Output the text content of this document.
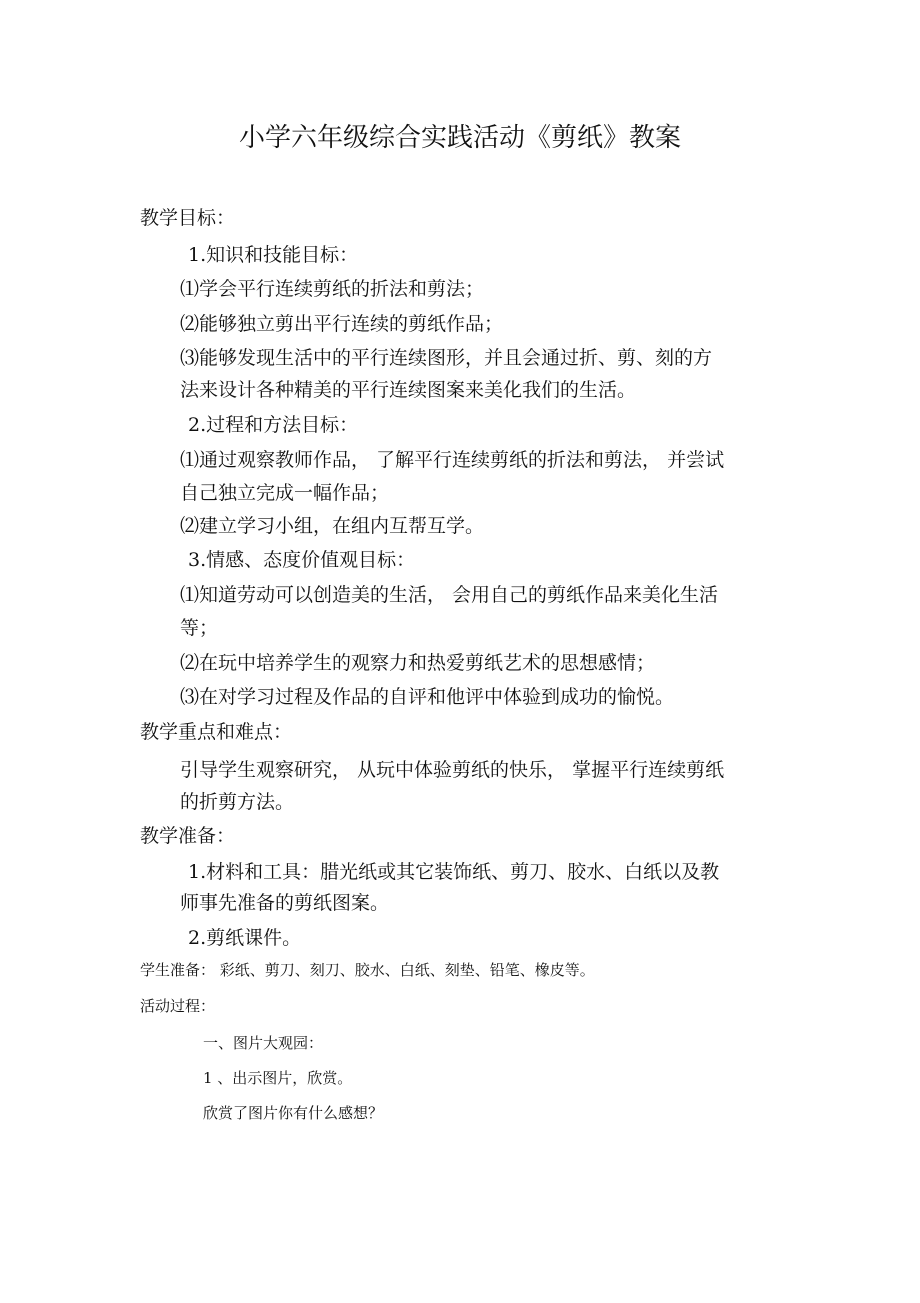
小学六年级综合实践活动《剪纸》教案
教学目标：
1.知识和技能目标：
⑴学会平行连续剪纸的折法和剪法；
⑵能够独立剪出平行连续的剪纸作品；
⑶能够发现生活中的平行连续图形，并且会通过折、剪、刻的方
法来设计各种精美的平行连续图案来美化我们的生活。
2.过程和方法目标：
⑴通过观察教师作品， 了解平行连续剪纸的折法和剪法， 并尝试
自己独立完成一幅作品；
⑵建立学习小组，在组内互帮互学。
3.情感、态度价值观目标：
⑴知道劳动可以创造美的生活， 会用自己的剪纸作品来美化生活
等；
⑵在玩中培养学生的观察力和热爱剪纸艺术的思想感情；
⑶在对学习过程及作品的自评和他评中体验到成功的愉悦。
教学重点和难点：
引导学生观察研究， 从玩中体验剪纸的快乐， 掌握平行连续剪纸
的折剪方法。
教学准备：
1.材料和工具：腊光纸或其它装饰纸、剪刀、胶水、白纸以及教
师事先准备的剪纸图案。
2.剪纸课件。
学生准备： 彩纸、剪刀、刻刀、胶水、白纸、刻垫、铅笔、橡皮等。
活动过程：
一、图片大观园：
1 、出示图片，欣赏。
欣赏了图片你有什么感想？
